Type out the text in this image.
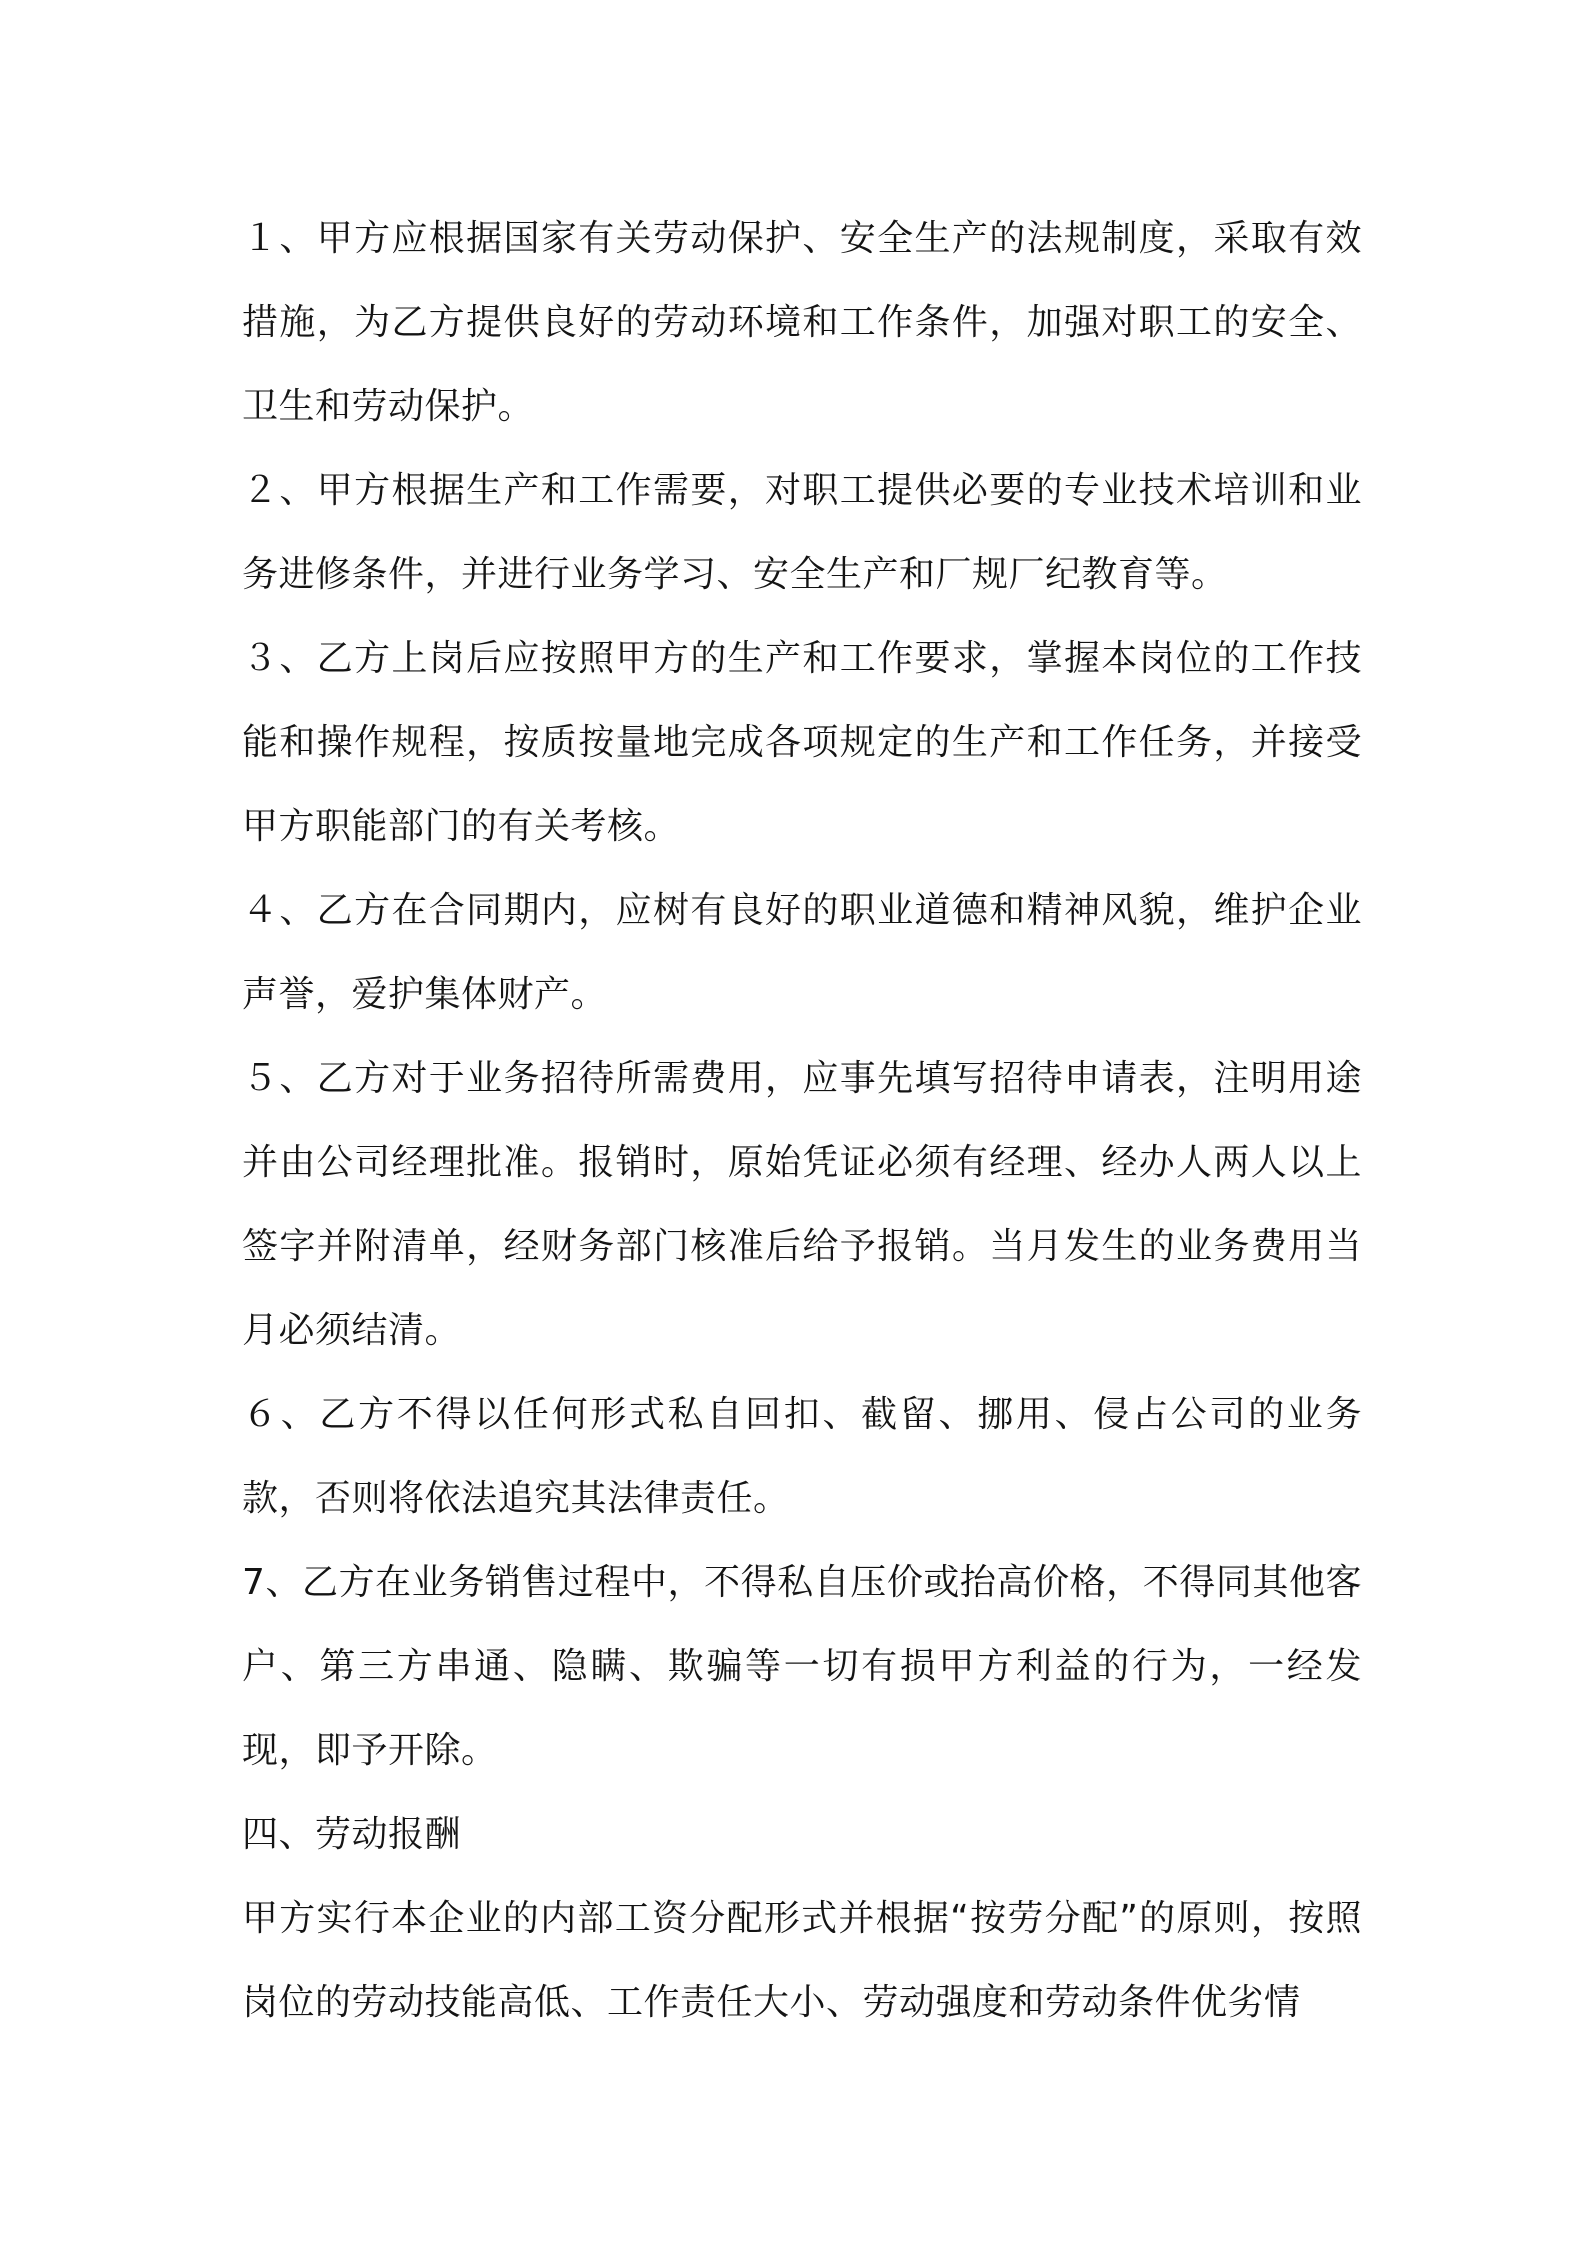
１、甲方应根据国家有关劳动保护、安全生产的法规制度，采取有效措施，为乙方提供良好的劳动环境和工作条件，加强对职工的安全、卫生和劳动保护。

２、甲方根据生产和工作需要，对职工提供必要的专业技术培训和业务进修条件，并进行业务学习、安全生产和厂规厂纪教育等。

３、乙方上岗后应按照甲方的生产和工作要求，掌握本岗位的工作技能和操作规程，按质按量地完成各项规定的生产和工作任务，并接受甲方职能部门的有关考核。

４、乙方在合同期内，应树有良好的职业道德和精神风貌，维护企业声誉，爱护集体财产。

５、乙方对于业务招待所需费用，应事先填写招待申请表，注明用途并由公司经理批准。报销时，原始凭证必须有经理、经办人两人以上签字并附清单，经财务部门核准后给予报销。当月发生的业务费用当月必须结清。

６、乙方不得以任何形式私自回扣、截留、挪用、侵占公司的业务款，否则将依法追究其法律责任。

7、乙方在业务销售过程中，不得私自压价或抬高价格，不得同其他客户、第三方串通、隐瞒、欺骗等一切有损甲方利益的行为，一经发现，即予开除。

四、劳动报酬

甲方实行本企业的内部工资分配形式并根据“按劳分配”的原则，按照岗位的劳动技能高低、工作责任大小、劳动强度和劳动条件优劣情
